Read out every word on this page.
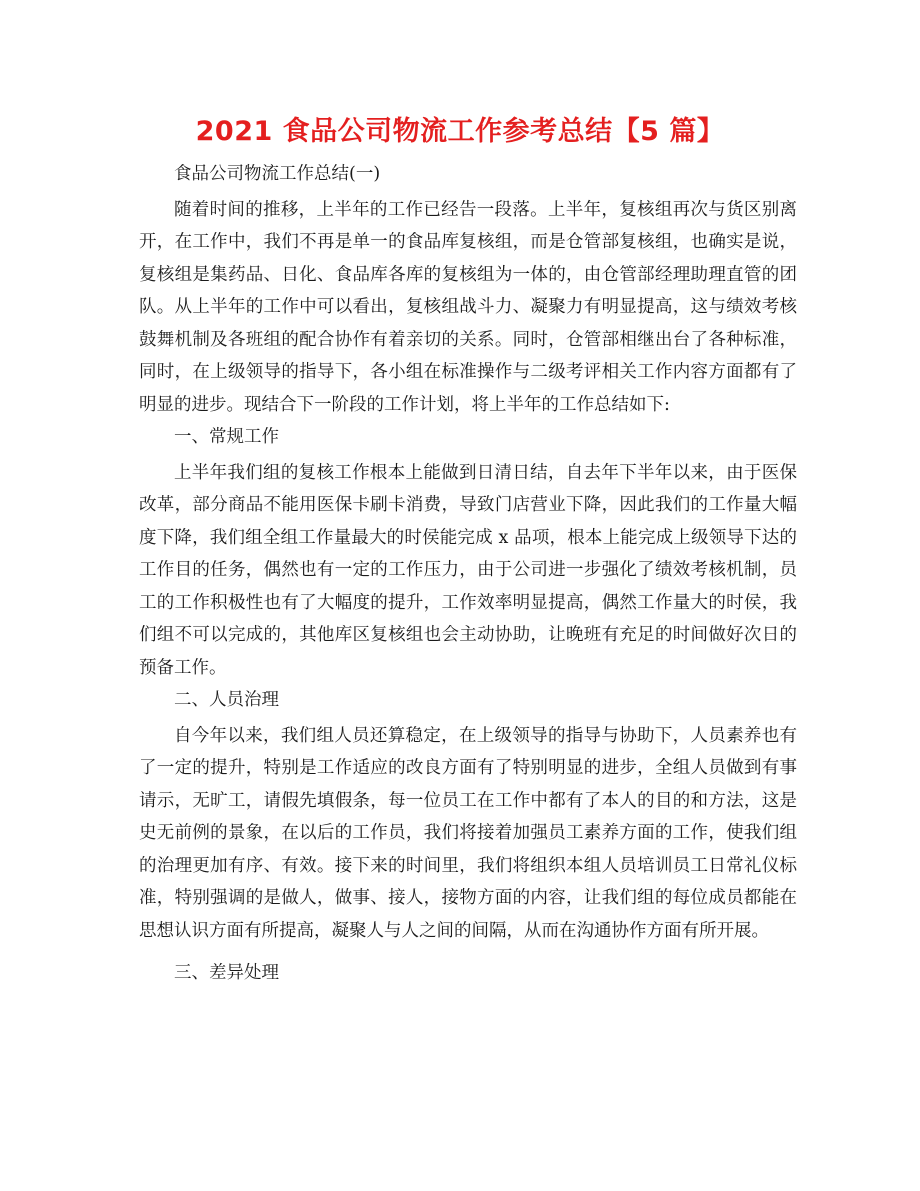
2021 食品公司物流工作参考总结【5 篇】

食品公司物流工作总结(一)

随着时间的推移，上半年的工作已经告一段落。上半年，复核组再次与货区别离开，在工作中，我们不再是单一的食品库复核组，而是仓管部复核组，也确实是说，复核组是集药品、日化、食品库各库的复核组为一体的，由仓管部经理助理直管的团队。从上半年的工作中可以看出，复核组战斗力、凝聚力有明显提高，这与绩效考核鼓舞机制及各班组的配合协作有着亲切的关系。同时，仓管部相继出台了各种标准，同时，在上级领导的指导下，各小组在标准操作与二级考评相关工作内容方面都有了明显的进步。现结合下一阶段的工作计划，将上半年的工作总结如下:

一、常规工作

上半年我们组的复核工作根本上能做到日清日结，自去年下半年以来，由于医保改革，部分商品不能用医保卡刷卡消费，导致门店营业下降，因此我们的工作量大幅度下降，我们组全组工作量最大的时侯能完成 x 品项，根本上能完成上级领导下达的工作目的任务，偶然也有一定的工作压力，由于公司进一步强化了绩效考核机制，员工的工作积极性也有了大幅度的提升，工作效率明显提高，偶然工作量大的时侯，我们组不可以完成的，其他库区复核组也会主动协助，让晚班有充足的时间做好次日的预备工作。

二、人员治理

自今年以来，我们组人员还算稳定，在上级领导的指导与协助下，人员素养也有了一定的提升，特别是工作适应的改良方面有了特别明显的进步，全组人员做到有事请示，无旷工，请假先填假条，每一位员工在工作中都有了本人的目的和方法，这是史无前例的景象，在以后的工作员，我们将接着加强员工素养方面的工作，使我们组的治理更加有序、有效。接下来的时间里，我们将组织本组人员培训员工日常礼仪标准，特别强调的是做人，做事、接人，接物方面的内容，让我们组的每位成员都能在思想认识方面有所提高，凝聚人与人之间的间隔，从而在沟通协作方面有所开展。

三、差异处理
